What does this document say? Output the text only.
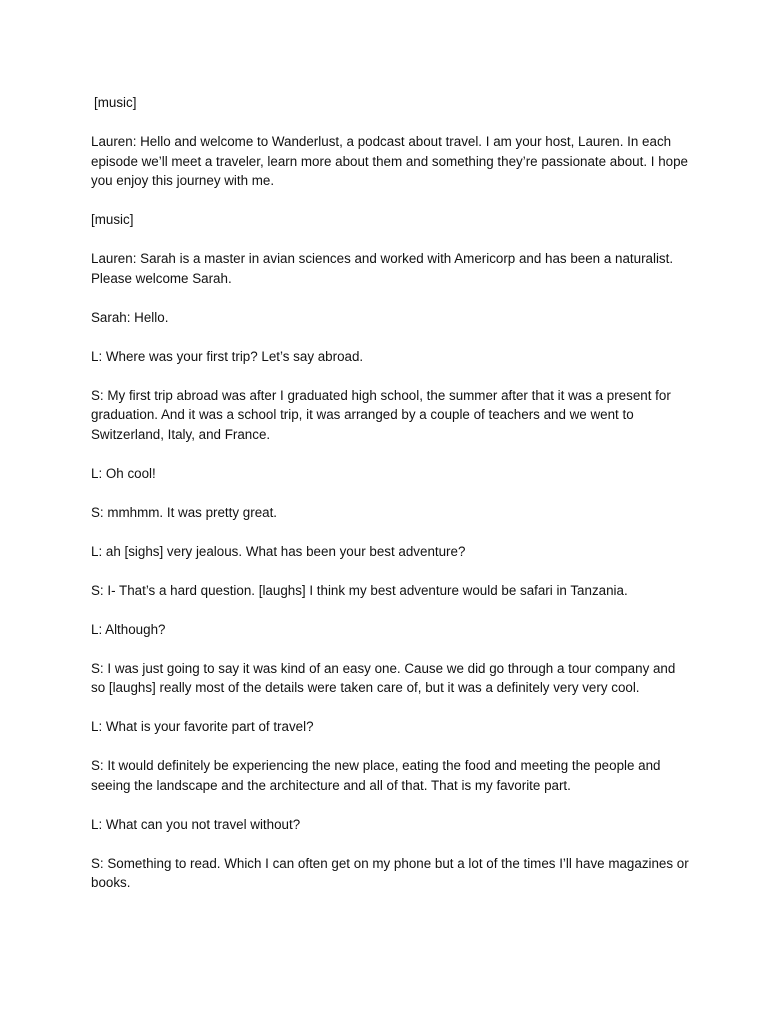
[music]

Lauren: Hello and welcome to Wanderlust, a podcast about travel. I am your host, Lauren. In each episode we’ll meet a traveler, learn more about them and something they’re passionate about. I hope you enjoy this journey with me.

[music]

Lauren: Sarah is a master in avian sciences and worked with Americorp and has been a naturalist. Please welcome Sarah.

Sarah: Hello.

L: Where was your first trip? Let’s say abroad.

S: My first trip abroad was after I graduated high school, the summer after that it was a present for graduation. And it was a school trip, it was arranged by a couple of teachers and we went to Switzerland, Italy, and France.

L: Oh cool!

S: mmhmm. It was pretty great.

L: ah [sighs] very jealous. What has been your best adventure?

S: I- That’s a hard question. [laughs] I think my best adventure would be safari in Tanzania.

L: Although?

S: I was just going to say it was kind of an easy one. Cause we did go through a tour company and so [laughs] really most of the details were taken care of, but it was a definitely very very cool.

L: What is your favorite part of travel?

S: It would definitely be experiencing the new place, eating the food and meeting the people and seeing the landscape and the architecture and all of that. That is my favorite part.

L: What can you not travel without?

S: Something to read. Which I can often get on my phone but a lot of the times I’ll have magazines or books.
